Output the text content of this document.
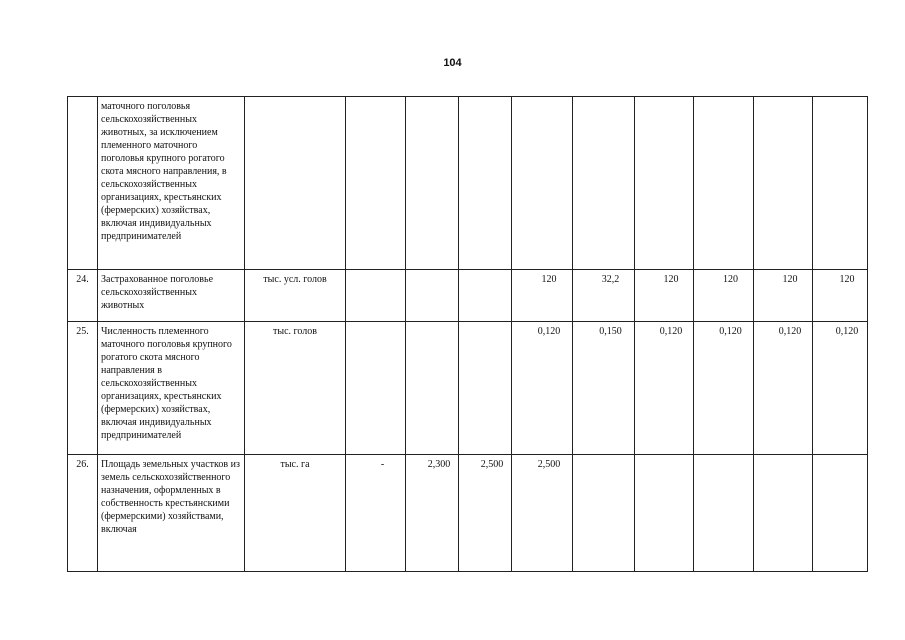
104
	маточного поголовья сельскохозяйственных животных, за исключением племенного маточного поголовья крупного рогатого скота мясного направления, в сельскохозяйственных организациях, крестьянских (фермерских) хозяйствах, включая индивидуальных предпринимателей										
24.	Застрахованное поголовье сельскохозяйственных животных	тыс. усл. голов				120	32,2	120	120	120	120
25.	Численность племенного маточного поголовья крупного рогатого скота мясного направления в сельскохозяйственных организациях, крестьянских (фермерских) хозяйствах, включая индивидуальных предпринимателей	тыс. голов				0,120	0,150	0,120	0,120	0,120	0,120
26.	Площадь земельных участков из земель сельскохозяйственного назначения, оформленных в собственность крестьянскими (фермерскими) хозяйствами, включая	тыс. га	-	2,300	2,500	2,500					
